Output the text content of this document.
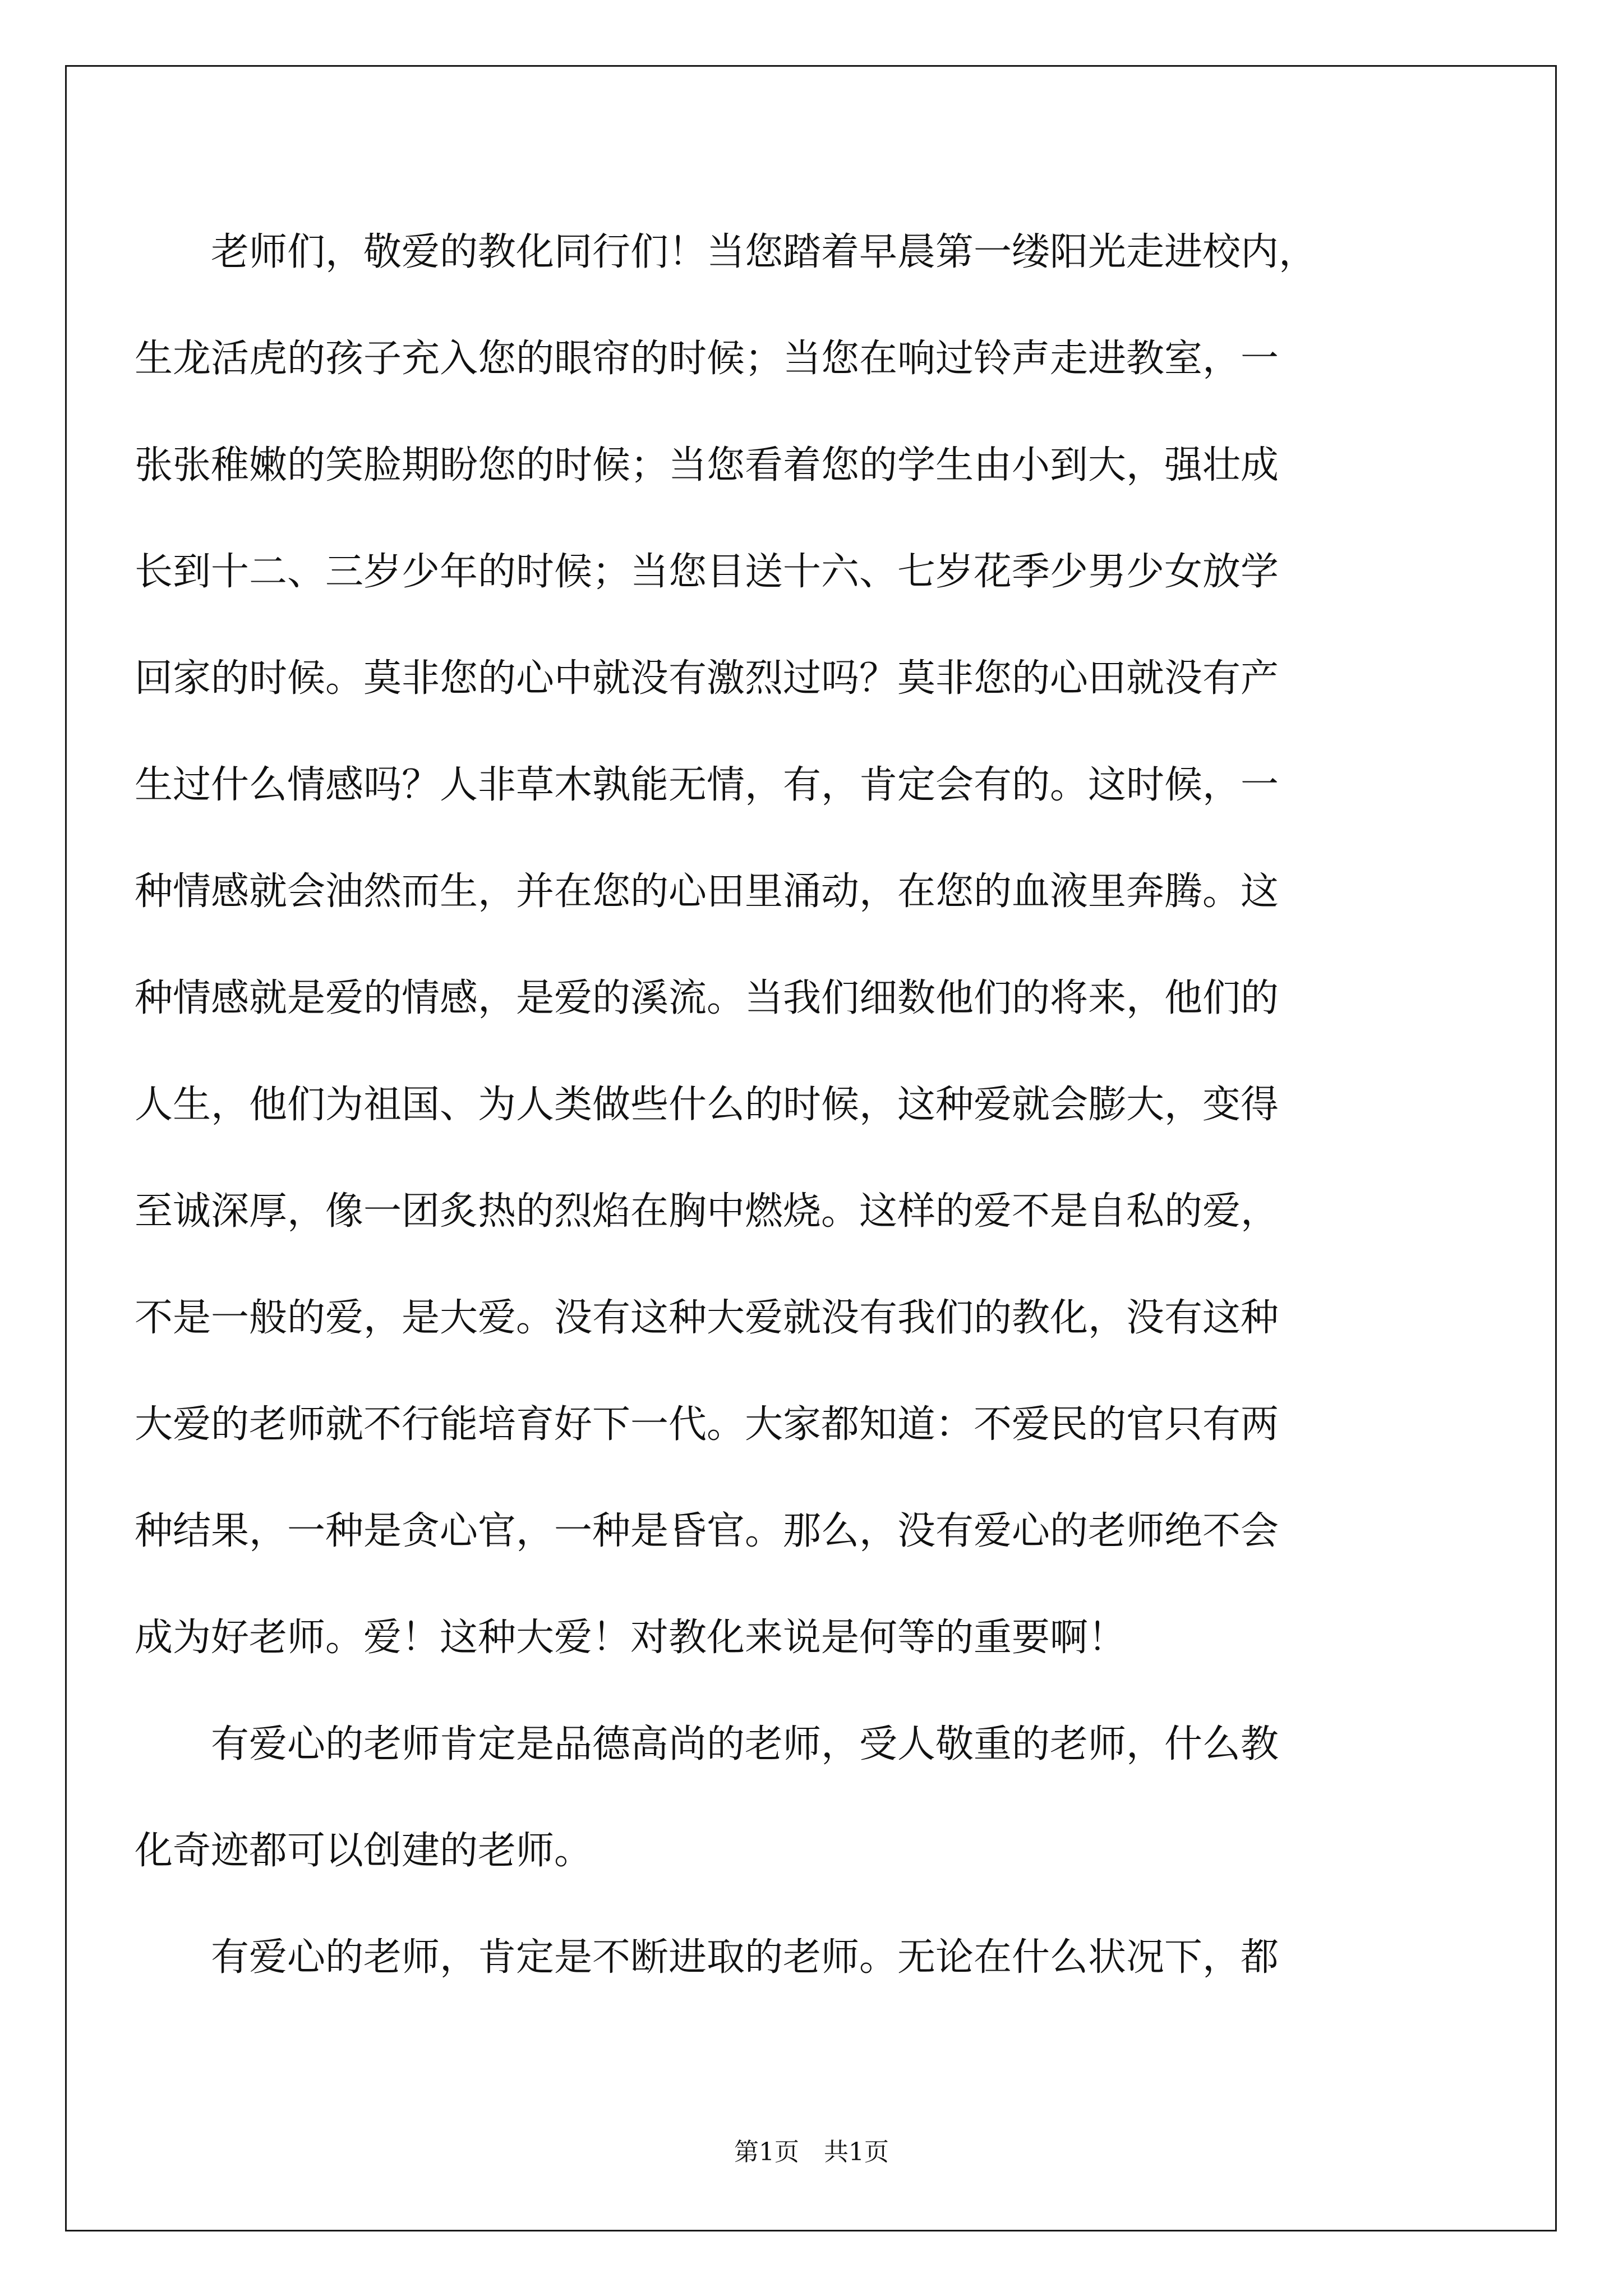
　　老师们，敬爱的教化同行们！当您踏着早晨第一缕阳光走进校内，
生龙活虎的孩子充入您的眼帘的时候；当您在响过铃声走进教室，一
张张稚嫩的笑脸期盼您的时候；当您看着您的学生由小到大，强壮成
长到十二、三岁少年的时候；当您目送十六、七岁花季少男少女放学
回家的时候。莫非您的心中就没有激烈过吗？莫非您的心田就没有产
生过什么情感吗？人非草木孰能无情，有，肯定会有的。这时候，一
种情感就会油然而生，并在您的心田里涌动，在您的血液里奔腾。这
种情感就是爱的情感，是爱的溪流。当我们细数他们的将来，他们的
人生，他们为祖国、为人类做些什么的时候，这种爱就会膨大，变得
至诚深厚，像一团炙热的烈焰在胸中燃烧。这样的爱不是自私的爱，
不是一般的爱，是大爱。没有这种大爱就没有我们的教化，没有这种
大爱的老师就不行能培育好下一代。大家都知道：不爱民的官只有两
种结果，一种是贪心官，一种是昏官。那么，没有爱心的老师绝不会
成为好老师。爱！这种大爱！对教化来说是何等的重要啊！
　　有爱心的老师肯定是品德高尚的老师，受人敬重的老师，什么教
化奇迹都可以创建的老师。
　　有爱心的老师，肯定是不断进取的老师。无论在什么状况下，都
第1页　共1页
